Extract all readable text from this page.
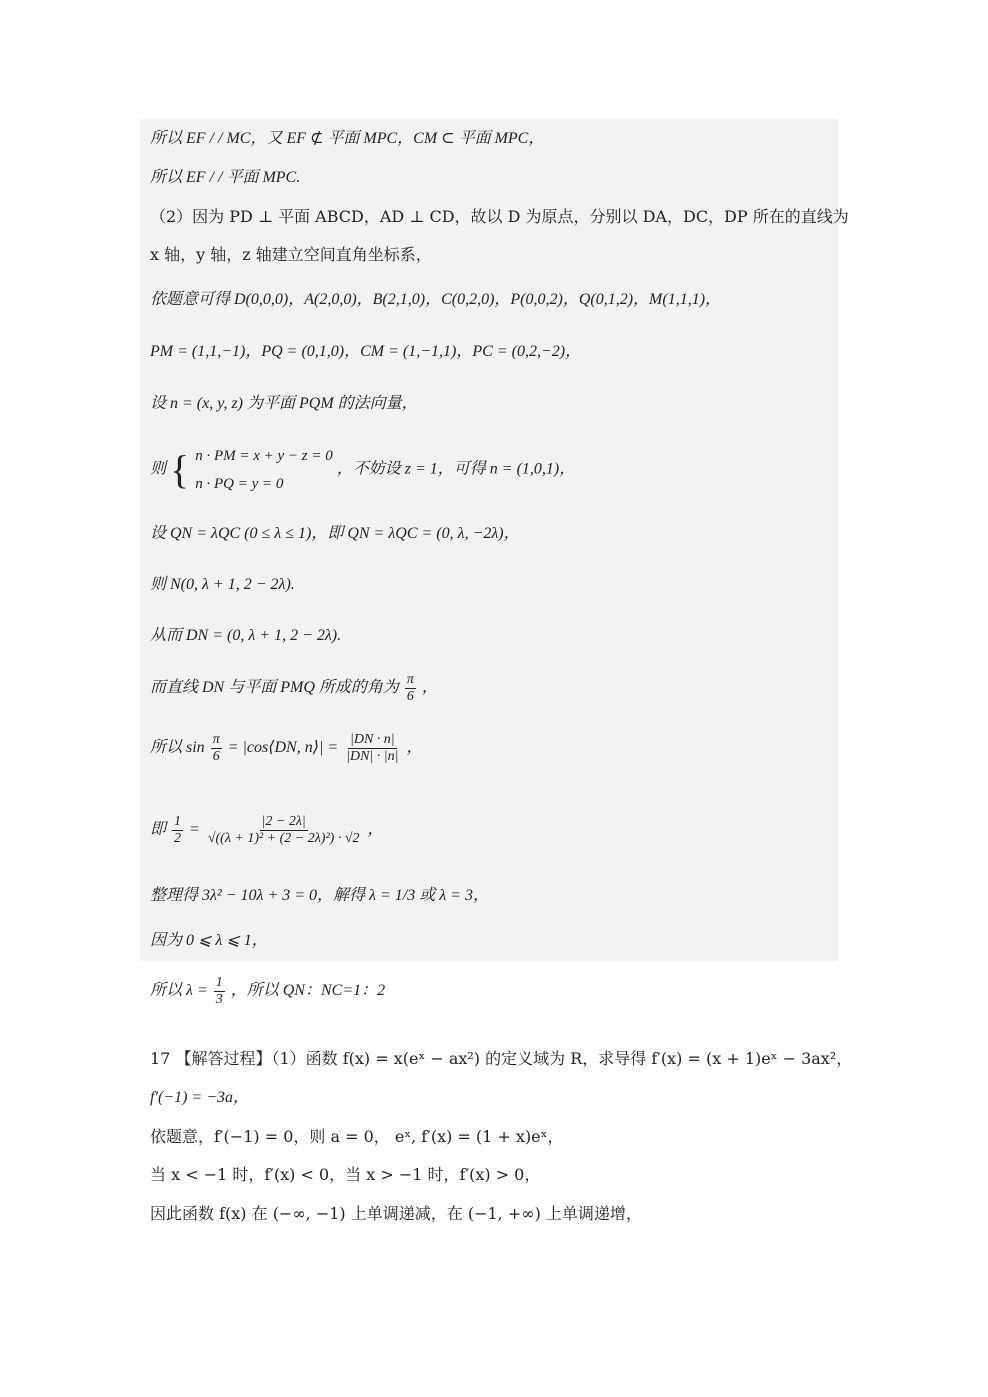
所以 EF / / MC，又 EF ⊄ 平面 MPC，CM ⊂ 平面 MPC，
所以 EF / / 平面 MPC.
（2）因为 PD ⊥ 平面 ABCD，AD ⊥ CD，故以 D 为原点，分别以 DA，DC，DP 所在的直线为
x 轴，y 轴，z 轴建立空间直角坐标系，
依题意可得 D(0,0,0)，A(2,0,0)，B(2,1,0)，C(0,2,0)，P(0,0,2)，Q(0,1,2)，M(1,1,1)，
PM = (1,1,−1)，PQ = (0,1,0)，CM = (1,−1,1)，PC = (0,2,−2)，
设 n = (x, y, z) 为平面 PQM 的法向量，
则 { n · PM = x + y − z = 0
n · PQ = y = 0
，不妨设 z = 1，可得 n = (1,0,1)，
设 QN = λQC (0 ≤ λ ≤ 1)，即 QN = λQC = (0, λ, −2λ)，
则 N(0, λ + 1, 2 − 2λ).
从而 DN = (0, λ + 1, 2 − 2λ).
而直线 DN 与平面 PMQ 所成的角为 $\frac{\pi}{6}$ ，
所以 $\sin \frac{\pi}{6}$ = |cos⟨DN, n⟩| = $\frac{|DN \cdot n|}{|DN| \cdot |n|}$ ，
即 $\frac{1}{2} = \frac{|2 - 2\lambda|}{\text{√((λ + 1)² + (2 − 2λ)²) · √2}}$ ，
整理得 3λ² − 10λ + 3 = 0，解得 λ = 1/3 或 λ = 3，
因为 0 ⩽ λ ⩽ 1，
所以 $\lambda = \frac{1}{3}$ ，所以 QN：NC=1：2
17 【解答过程】（1）函数 f(x) = x(eˣ − ax²) 的定义域为 R，求导得 f′(x) = (x + 1)eˣ − 3ax²，
f′(−1) = −3a，
依题意，f′(−1) = 0，则 a = 0， eˣ, f′(x) = (1 + x)eˣ，
当 x < −1 时，f′(x) < 0，当 x > −1 时，f′(x) > 0，
因此函数 f(x) 在 (−∞, −1) 上单调递减，在 (−1, +∞) 上单调递增，
